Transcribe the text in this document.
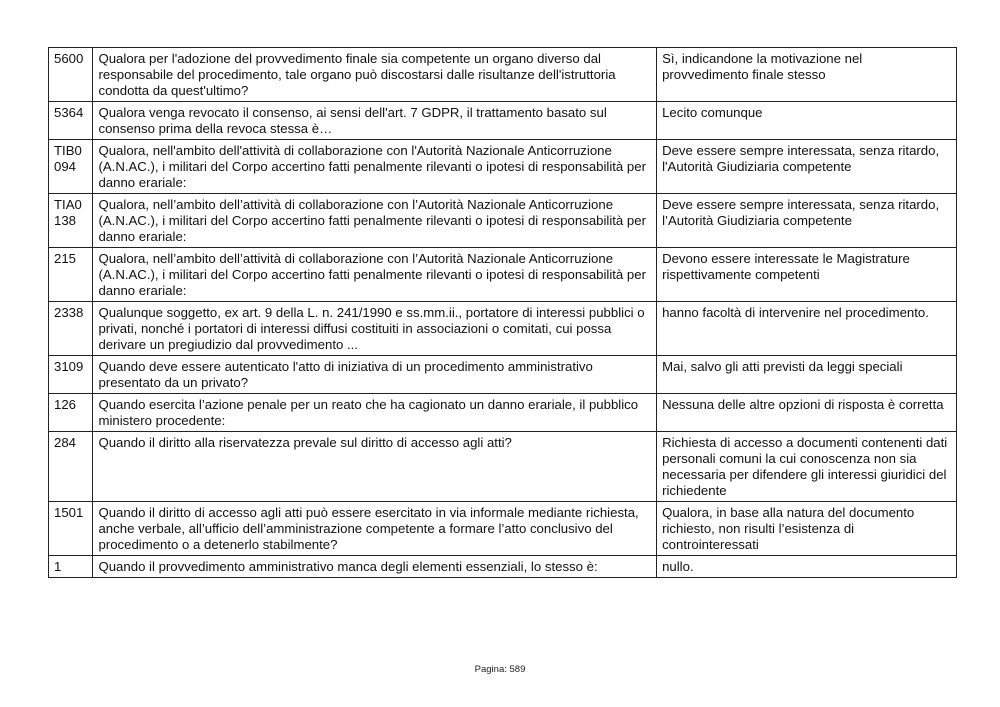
5600	Qualora per l'adozione del provvedimento finale sia competente un organo diverso dal responsabile del procedimento, tale organo può discostarsi dalle risultanze dell'istruttoria condotta da quest'ultimo?	Sì, indicandone la motivazione nel provvedimento finale stesso
5364	Qualora venga revocato il consenso, ai sensi dell'art. 7 GDPR, il trattamento basato sul consenso prima della revoca stessa è…	Lecito comunque
TIB0094	Qualora, nell'ambito dell'attività di collaborazione con l'Autorità Nazionale Anticorruzione (A.N.AC.), i militari del Corpo accertino fatti penalmente rilevanti o ipotesi di responsabilità per danno erariale:	Deve essere sempre interessata, senza ritardo, l'Autorità Giudiziaria competente
TIA0138	Qualora, nell’ambito dell’attività di collaborazione con l’Autorità Nazionale Anticorruzione (A.N.AC.), i militari del Corpo accertino fatti penalmente rilevanti o ipotesi di responsabilità per danno erariale:	Deve essere sempre interessata, senza ritardo, l’Autorità Giudiziaria competente
215	Qualora, nell’ambito dell’attività di collaborazione con l’Autorità Nazionale Anticorruzione (A.N.AC.), i militari del Corpo accertino fatti penalmente rilevanti o ipotesi di responsabilità per danno erariale:	Devono essere interessate le Magistrature rispettivamente competenti
2338	Qualunque soggetto, ex art. 9 della L. n. 241/1990 e ss.mm.ii., portatore di interessi pubblici o privati, nonché i portatori di interessi diffusi costituiti in associazioni o comitati, cui possa derivare un pregiudizio dal provvedimento ...	hanno facoltà di intervenire nel procedimento.
3109	Quando deve essere autenticato l'atto di iniziativa di un procedimento amministrativo presentato da un privato?	Mai, salvo gli atti previsti da leggi speciali
126	Quando esercita l’azione penale per un reato che ha cagionato un danno erariale, il pubblico ministero procedente:	Nessuna delle altre opzioni di risposta è corretta
284	Quando il diritto alla riservatezza prevale sul diritto di accesso agli atti?	Richiesta di accesso a documenti contenenti dati personali comuni la cui conoscenza non sia necessaria per difendere gli interessi giuridici del richiedente
1501	Quando il diritto di accesso agli atti può essere esercitato in via informale mediante richiesta, anche verbale, all’ufficio dell’amministrazione competente a formare l’atto conclusivo del procedimento o a detenerlo stabilmente?	Qualora, in base alla natura del documento richiesto, non risulti l’esistenza di controinteressati
1	Quando il provvedimento amministrativo manca degli elementi essenziali, lo stesso è:	nullo.
Pagina: 589
